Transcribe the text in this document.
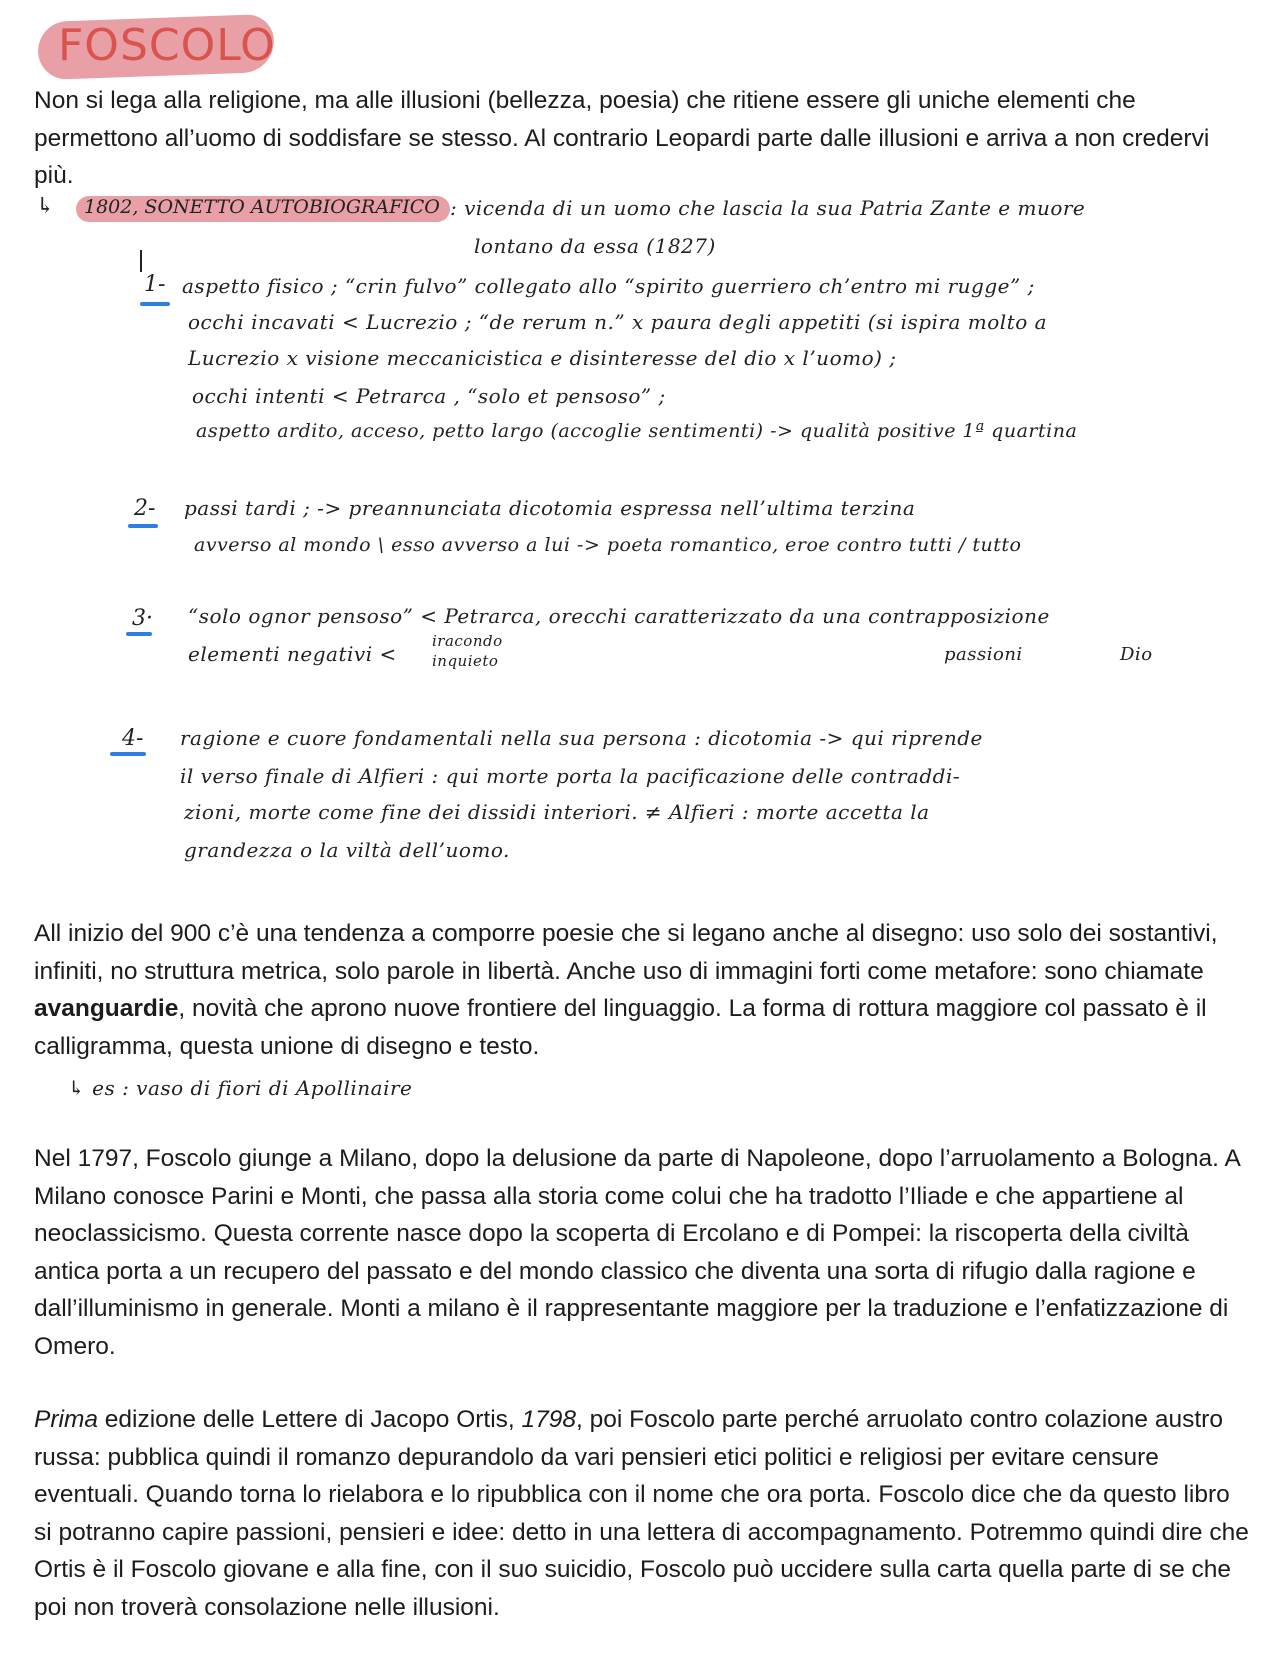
FOSCOLO

Non si lega alla religione, ma alle illusioni (bellezza, poesia) che ritiene essere gli uniche elementi che permettono all’uomo di soddisfare se stesso. Al contrario Leopardi parte dalle illusioni e arriva a non credervi più.

↳ 1802, SONETTO AUTOBIOGRAFICO : vicenda di un uomo che lascia la sua Patria Zante e muore
lontano da essa (1827)
1- aspetto fisico ; “crin fulvo” collegato allo “spirito guerriero ch’entro mi rugge” ;
occhi incavati < Lucrezio ; “de rerum n.” x paura degli appetiti (si ispira molto a
Lucrezio x visione meccanicistica e disinteresse del dio x l’uomo) ;
occhi intenti < Petrarca , “solo et pensoso” ;
aspetto ardito, acceso, petto largo (accoglie sentimenti) -> qualità positive 1ª quartina
2- passi tardi ; -> preannunciata dicotomia espressa nell’ultima terzina
avverso al mondo \ esso avverso a lui -> poeta romantico, eroe contro tutti / tutto
3· “solo ognor pensoso” < Petrarca, orecchi caratterizzato da una contrapposizione
elementi negativi <
iracondo
inquieto	passioni	Dio
4- ragione e cuore fondamentali nella sua persona : dicotomia -> qui riprende
il verso finale di Alfieri : qui morte porta la pacificazione delle contraddi-
zioni, morte come fine dei dissidi interiori. ≠ Alfieri : morte accetta la
grandezza o la viltà dell’uomo.

All inizio del 900 c’è una tendenza a comporre poesie che si legano anche al disegno: uso solo dei sostantivi, infiniti, no struttura metrica, solo parole in libertà. Anche uso di immagini forti come metafore: sono chiamate avanguardie, novità che aprono nuove frontiere del linguaggio. La forma di rottura maggiore col passato è il calligramma, questa unione di disegno e testo.

↳ es : vaso di fiori di Apollinaire

Nel 1797, Foscolo giunge a Milano, dopo la delusione da parte di Napoleone, dopo l’arruolamento a Bologna. A Milano conosce Parini e Monti, che passa alla storia come colui che ha tradotto l’Iliade e che appartiene al neoclassicismo. Questa corrente nasce dopo la scoperta di Ercolano e di Pompei: la riscoperta della civiltà antica porta a un recupero del passato e del mondo classico che diventa una sorta di rifugio dalla ragione e dall’illuminismo in generale. Monti a milano è il rappresentante maggiore per la traduzione e l’enfatizzazione di Omero.

Prima edizione delle Lettere di Jacopo Ortis, 1798, poi Foscolo parte perché arruolato contro colazione austro russa: pubblica quindi il romanzo depurandolo da vari pensieri etici politici e religiosi per evitare censure eventuali. Quando torna lo rielabora e lo ripubblica con il nome che ora porta. Foscolo dice che da questo libro si potranno capire passioni, pensieri e idee: detto in una lettera di accompagnamento. Potremmo quindi dire che Ortis è il Foscolo giovane e alla fine, con il suo suicidio, Foscolo può uccidere sulla carta quella parte di se che poi non troverà consolazione nelle illusioni.
